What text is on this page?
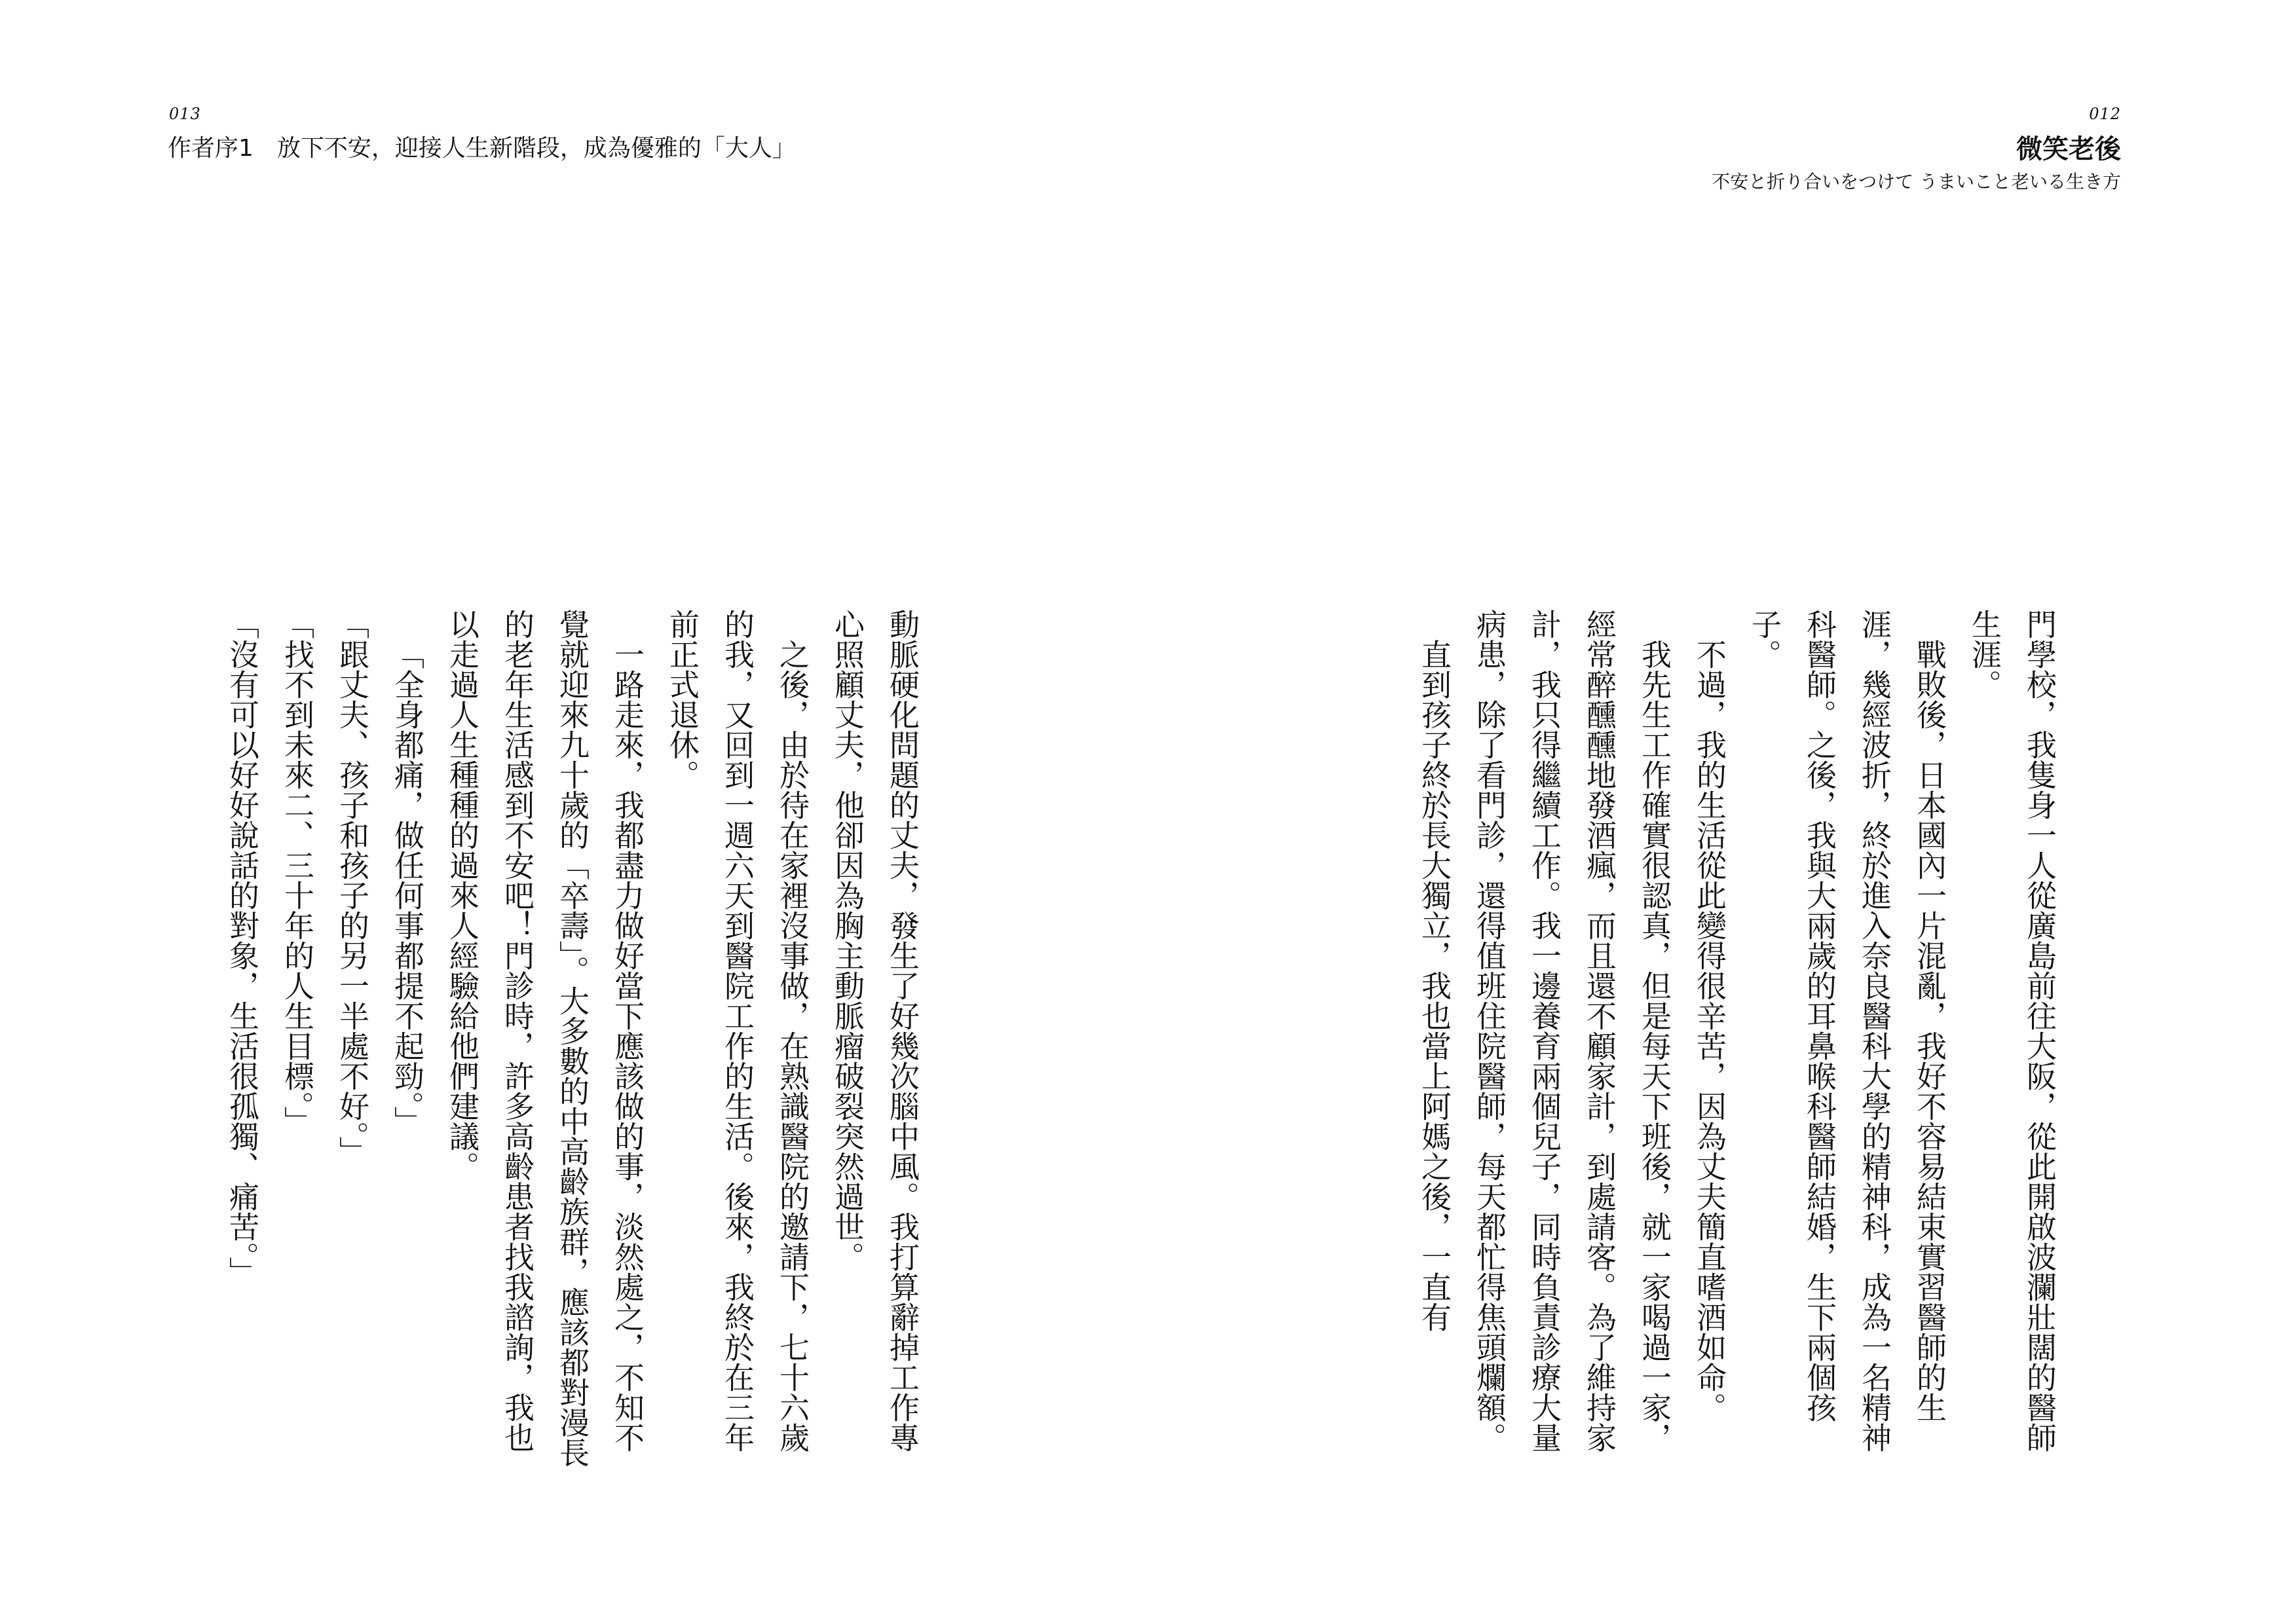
012
微笑老後
不安と折り合いをつけて うまいこと老いる生き方

門學校，我隻身一人從廣島前往大阪，從此開啟波瀾壯闊的醫師生涯。

戰敗後，日本國內一片混亂，我好不容易結束實習醫師的生涯，幾經波折，終於進入奈良醫科大學的精神科，成為一名精神科醫師。之後，我與大兩歲的耳鼻喉科醫師結婚，生下兩個孩子。

不過，我的生活從此變得很辛苦，因為丈夫簡直嗜酒如命。

我先生工作確實很認真，但是每天下班後，就一家喝過一家，經常醉醺醺地發酒瘋，而且還不顧家計，到處請客。為了維持家計，我只得繼續工作。我一邊養育兩個兒子，同時負責診療大量病患，除了看門診，還得值班住院醫師，每天都忙得焦頭爛額。

直到孩子終於長大獨立，我也當上阿媽之後，一直有

013
作者序1　放下不安，迎接人生新階段，成為優雅的「大人」

動脈硬化問題的丈夫，發生了好幾次腦中風。我打算辭掉工作專心照顧丈夫，他卻因為胸主動脈瘤破裂突然過世。

之後，由於待在家裡沒事做，在熟識醫院的邀請下，七十六歲的我，又回到一週六天到醫院工作的生活。後來，我終於在三年前正式退休。

一路走來，我都盡力做好當下應該做的事，淡然處之，不知不覺就迎來九十歲的「卒壽」。大多數的中高齡族群，應該都對漫長的老年生活感到不安吧！門診時，許多高齡患者找我諮詢，我也以走過人生種種的過來人經驗給他們建議。

「全身都痛，做任何事都提不起勁。」

「跟丈夫、孩子和孩子的另一半處不好。」

「找不到未來二、三十年的人生目標。」

「沒有可以好好說話的對象，生活很孤獨、痛苦。」
